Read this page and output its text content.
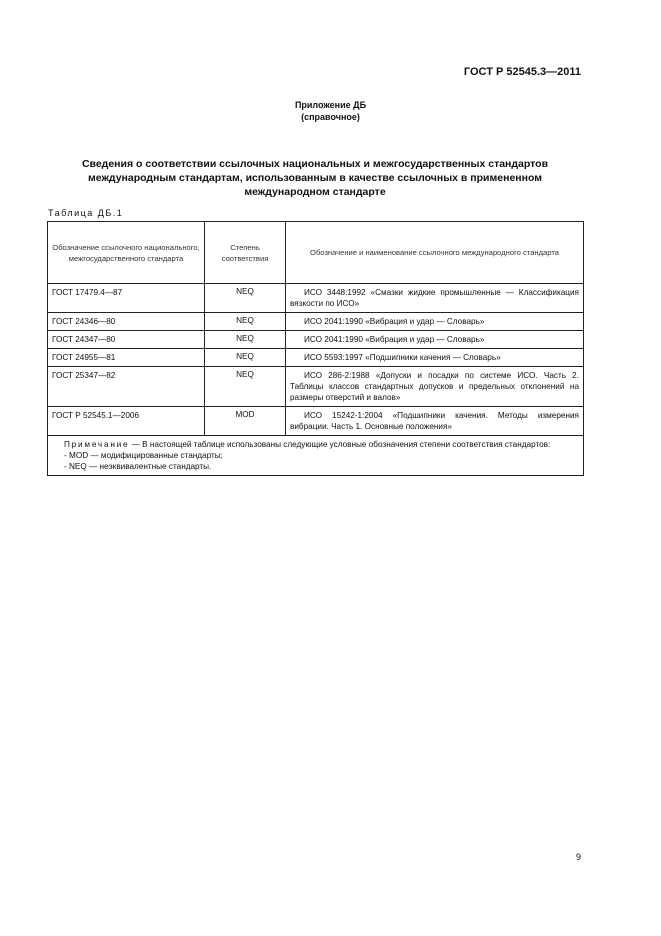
ГОСТ Р 52545.3—2011
Приложение ДБ
(справочное)
Сведения о соответствии ссылочных национальных и межгосударственных стандартов международным стандартам, использованным в качестве ссылочных в примененном международном стандарте
Таблица ДБ.1
Обозначение ссылочного национального, межгосударственного стандарта	Степень соответствия	Обозначение и наименование ссылочного международного стандарта
ГОСТ 17479.4—87	NEQ	ИСО 3448:1992 «Смазки жидкие промышленные — Классификация вязкости по ИСО»
ГОСТ 24346—80	NEQ	ИСО 2041:1990 «Вибрация и удар — Словарь»
ГОСТ 24347—80	NEQ	ИСО 2041:1990 «Вибрация и удар — Словарь»
ГОСТ 24955—81	NEQ	ИСО 5593:1997 «Подшипники качения — Словарь»
ГОСТ 25347—82	NEQ	ИСО 286-2:1988 «Допуски и посадки по системе ИСО. Часть 2. Таблицы классов стандартных допусков и предельных отклонений на размеры отверстий и валов»
ГОСТ Р 52545.1—2006	MOD	ИСО 15242-1:2004 «Подшипники качения. Методы измерения вибрации. Часть 1. Основные положения»

Примечание — В настоящей таблице использованы следующие условные обозначения степени соответствия стандартов:
- MOD — модифицированные стандарты;
- NEQ — неэквивалентные стандарты.		
9
